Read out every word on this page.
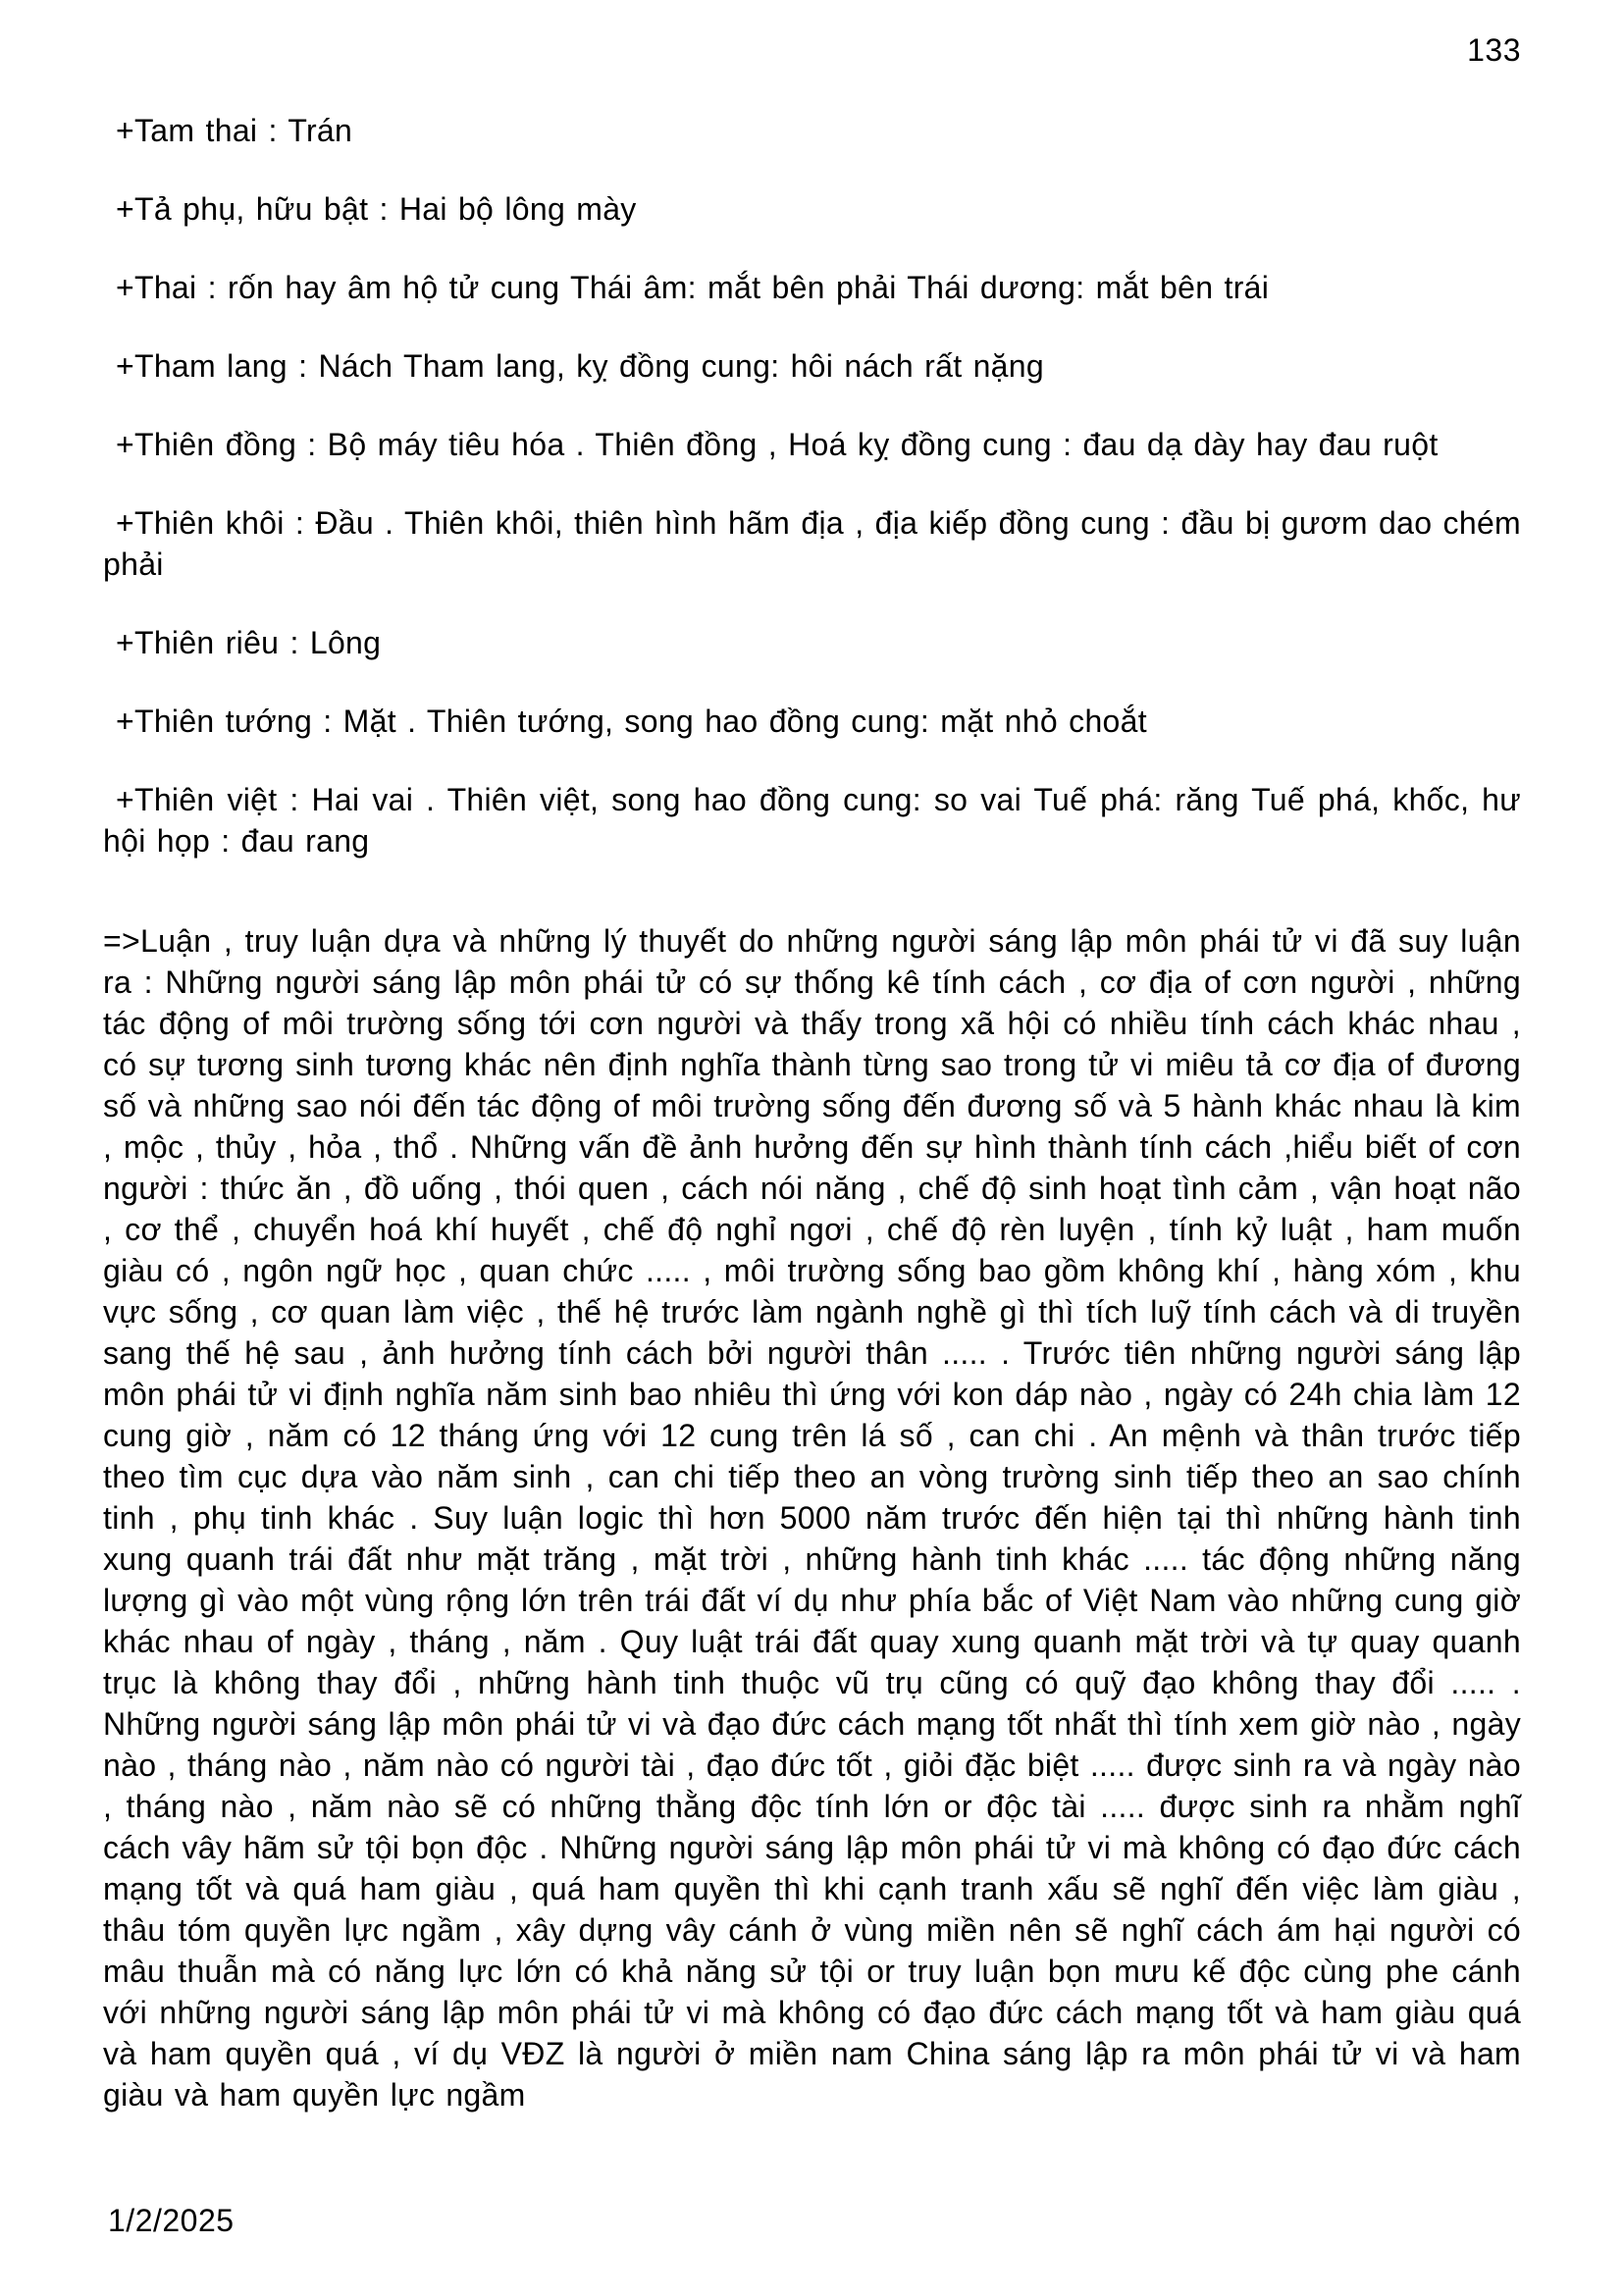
133

+Tam thai : Trán

+Tả phụ, hữu bật : Hai bộ lông mày

+Thai : rốn hay âm hộ tử cung Thái âm: mắt bên phải Thái dương: mắt bên trái

+Tham lang : Nách Tham lang, kỵ đồng cung: hôi nách rất nặng

+Thiên đồng : Bộ máy tiêu hóa . Thiên đồng , Hoá kỵ đồng cung : đau dạ dày hay đau ruột

+Thiên khôi : Đầu . Thiên khôi, thiên hình hãm địa , địa kiếp đồng cung : đầu bị gươm dao chém phải

+Thiên riêu : Lông

+Thiên tướng : Mặt . Thiên tướng, song hao đồng cung: mặt nhỏ choắt

+Thiên việt : Hai vai . Thiên việt, song hao đồng cung: so vai Tuế phá: răng Tuế phá, khốc, hư hội họp : đau rang

=>Luận , truy luận dựa và những lý thuyết do những người sáng lập môn phái tử vi đã suy luận ra : Những người sáng lập môn phái tử có sự thống kê tính cách , cơ địa of cơn người , những tác động of môi trường sống tới cơn người và thấy trong xã hội có nhiều tính cách khác nhau , có sự tương sinh tương khác nên định nghĩa thành từng sao trong tử vi miêu tả cơ địa of đương số và những sao nói đến tác động of môi trường sống đến đương số và 5 hành khác nhau là kim , mộc , thủy , hỏa , thổ . Những vấn đề ảnh hưởng đến sự hình thành tính cách ,hiểu biết of cơn người : thức ăn , đồ uống , thói quen , cách nói năng , chế độ sinh hoạt tình cảm , vận hoạt não , cơ thể , chuyển hoá khí huyết , chế độ nghỉ ngơi , chế độ rèn luyện , tính kỷ luật , ham muốn giàu có , ngôn ngữ học , quan chức ..... , môi trường sống bao gồm không khí , hàng xóm , khu vực sống , cơ quan làm việc , thế hệ trước làm ngành nghề gì thì tích luỹ tính cách và di truyền sang thế hệ sau , ảnh hưởng tính cách bởi người thân ..... . Trước tiên những người sáng lập môn phái tử vi định nghĩa năm sinh bao nhiêu thì ứng với kon dáp nào , ngày có 24h chia làm 12 cung giờ , năm có 12 tháng ứng với 12 cung trên lá số , can chi . An mệnh và thân trước tiếp theo tìm cục dựa vào năm sinh , can chi tiếp theo an vòng trường sinh tiếp theo an sao chính tinh , phụ tinh khác . Suy luận logic thì hơn 5000 năm trước đến hiện tại thì những hành tinh xung quanh trái đất như mặt trăng , mặt trời , những hành tinh khác ..... tác động những năng lượng gì vào một vùng rộng lớn trên trái đất ví dụ như phía bắc of Việt Nam vào những cung giờ khác nhau of ngày , tháng , năm . Quy luật trái đất quay xung quanh mặt trời và tự quay quanh trục là không thay đổi , những hành tinh thuộc vũ trụ cũng có quỹ đạo không thay đổi ..... . Những người sáng lập môn phái tử vi và đạo đức cách mạng tốt nhất thì tính xem giờ nào , ngày nào , tháng nào , năm nào có người tài , đạo đức tốt , giỏi đặc biệt ..... được sinh ra và ngày nào , tháng nào , năm nào sẽ có những thằng độc tính lớn or độc tài ..... được sinh ra nhằm nghĩ cách vây hãm sử tội bọn độc . Những người sáng lập môn phái tử vi mà không có đạo đức cách mạng tốt và quá ham giàu , quá ham quyền thì khi cạnh tranh xấu sẽ nghĩ đến việc làm giàu , thâu tóm quyền lực ngầm , xây dựng vây cánh ở vùng miền nên sẽ nghĩ cách ám hại người có mâu thuẫn mà có năng lực lớn có khả năng sử tội or truy luận bọn mưu kế độc cùng phe cánh với những người sáng lập môn phái tử vi mà không có đạo đức cách mạng tốt và ham giàu quá và ham quyền quá , ví dụ VĐZ là người ở miền nam China sáng lập ra môn phái tử vi và ham giàu và ham quyền lực ngầm

1/2/2025
